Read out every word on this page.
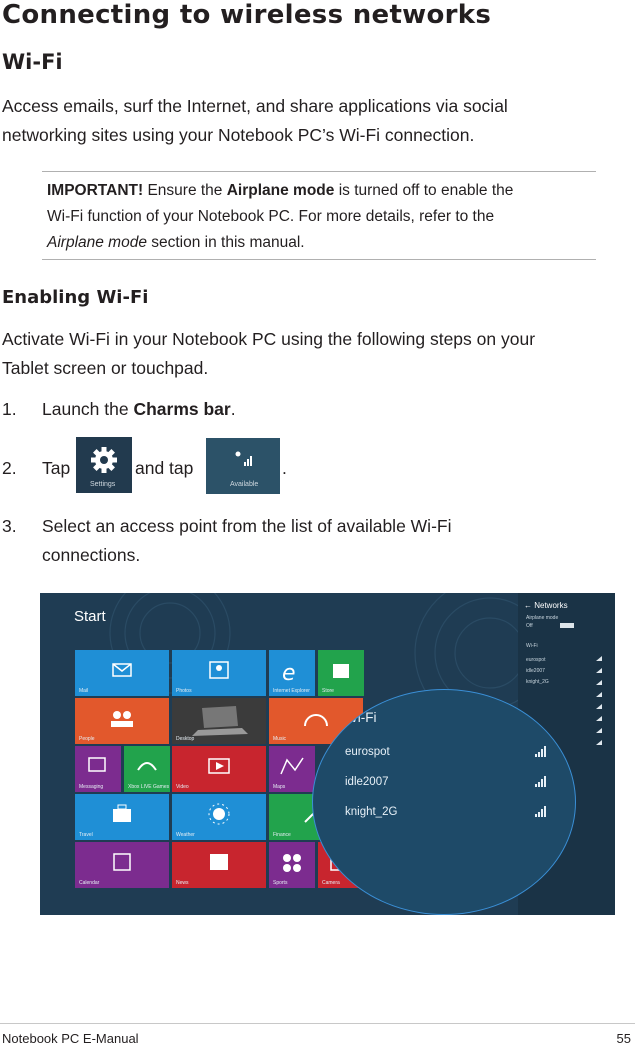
Connecting to wireless networks
Wi-Fi
Access emails, surf the Internet, and share applications via social
networking sites using your Notebook PC’s Wi-Fi connection.
IMPORTANT! Ensure the Airplane mode is turned off to enable the
Wi-Fi function of your Notebook PC. For more details, refer to the
Airplane mode section in this manual.
Enabling Wi-Fi
Activate Wi-Fi in your Notebook PC using the following steps on your
Tablet screen or touchpad.
1. Launch the Charms bar.
2. Tap
Settings
and tap
Available
.
3. Select an access point from the list of available Wi-Fi
connections.
Start
Mail	Photos
e
Internet Explorer Store
People	Desktop	Music
Messaging	Xbox LIVE Games Video	Maps
Travel	Weather	Finance
Calendar	News	Sports	Camera
← Networks
Airplane mode
Off
Wi-Fi
eurospot
idle2007
knight_2G
Wi-Fi
eurospot
idle2007
knight_2G
Notebook PC E-Manual	55
